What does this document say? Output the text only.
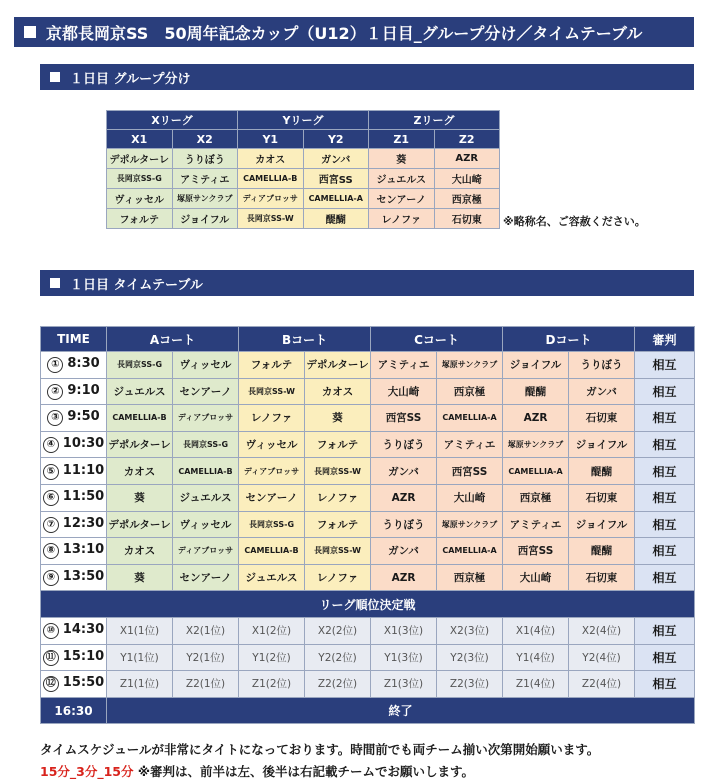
京都長岡京SS　50周年記念カップ（U12）１日目_グループ分け／タイムテーブル
１日目 グループ分け
Xリーグ		Yリーグ		Zリーグ	
X1	X2	Y1	Y2	Z1	Z2
デポルターレ	うりぼう	カオス	ガンバ	葵	AZR
長岡京SS-G	アミティエ	CAMELLIA-B	西宮SS	ジュエルス	大山崎
ヴィッセル	塚原サンクラブ	ディアブロッサ	CAMELLIA-A	センアーノ	西京極
フォルテ	ジョイフル	長岡京SS-W	醍醐	レノファ	石切東 ※略称名、ご容赦ください。
１日目 タイムテーブル
TIME	Aコート		Bコート		Cコート		Dコート		審判
① 8:30	長岡京SS-G	ヴィッセル	フォルテ	デポルターレ	アミティエ	塚原サンクラブ	ジョイフル	うりぼう	相互
② 9:10	ジュエルス	センアーノ	長岡京SS-W	カオス	大山崎	西京極	醍醐	ガンバ	相互
③ 9:50	CAMELLIA-B	ディアブロッサ	レノファ	葵	西宮SS	CAMELLIA-A	AZR	石切東	相互
④ 10:30	デポルターレ	長岡京SS-G	ヴィッセル	フォルテ	うりぼう	アミティエ	塚原サンクラブ	ジョイフル	相互
⑤ 11:10	カオス	CAMELLIA-B	ディアブロッサ	長岡京SS-W	ガンバ	西宮SS	CAMELLIA-A	醍醐	相互
⑥ 11:50	葵	ジュエルス	センアーノ	レノファ	AZR	大山崎	西京極	石切東	相互
⑦ 12:30	デポルターレ	ヴィッセル	長岡京SS-G	フォルテ	うりぼう	塚原サンクラブ	アミティエ	ジョイフル	相互
⑧ 13:10	カオス	ディアブロッサ	CAMELLIA-B	長岡京SS-W	ガンバ	CAMELLIA-A	西宮SS	醍醐	相互
⑨ 13:50	葵	センアーノ	ジュエルス	レノファ	AZR	西京極	大山崎	石切東	相互
リーグ順位決定戦									
⑩ 14:30	X1(1位)	X2(1位)	X1(2位)	X2(2位)	X1(3位)	X2(3位)	X1(4位)	X2(4位)	相互
⑪ 15:10	Y1(1位)	Y2(1位)	Y1(2位)	Y2(2位)	Y1(3位)	Y2(3位)	Y1(4位)	Y2(4位)	相互
⑫ 15:50	Z1(1位)	Z2(1位)	Z1(2位)	Z2(2位)	Z1(3位)	Z2(3位)	Z1(4位)	Z2(4位)	相互
16:30	終了								
タイムスケジュールが非常にタイトになっております。時間前でも両チーム揃い次第開始願います。
15分_3分_15分 ※審判は、前半は左、後半は右記載チームでお願いします。
